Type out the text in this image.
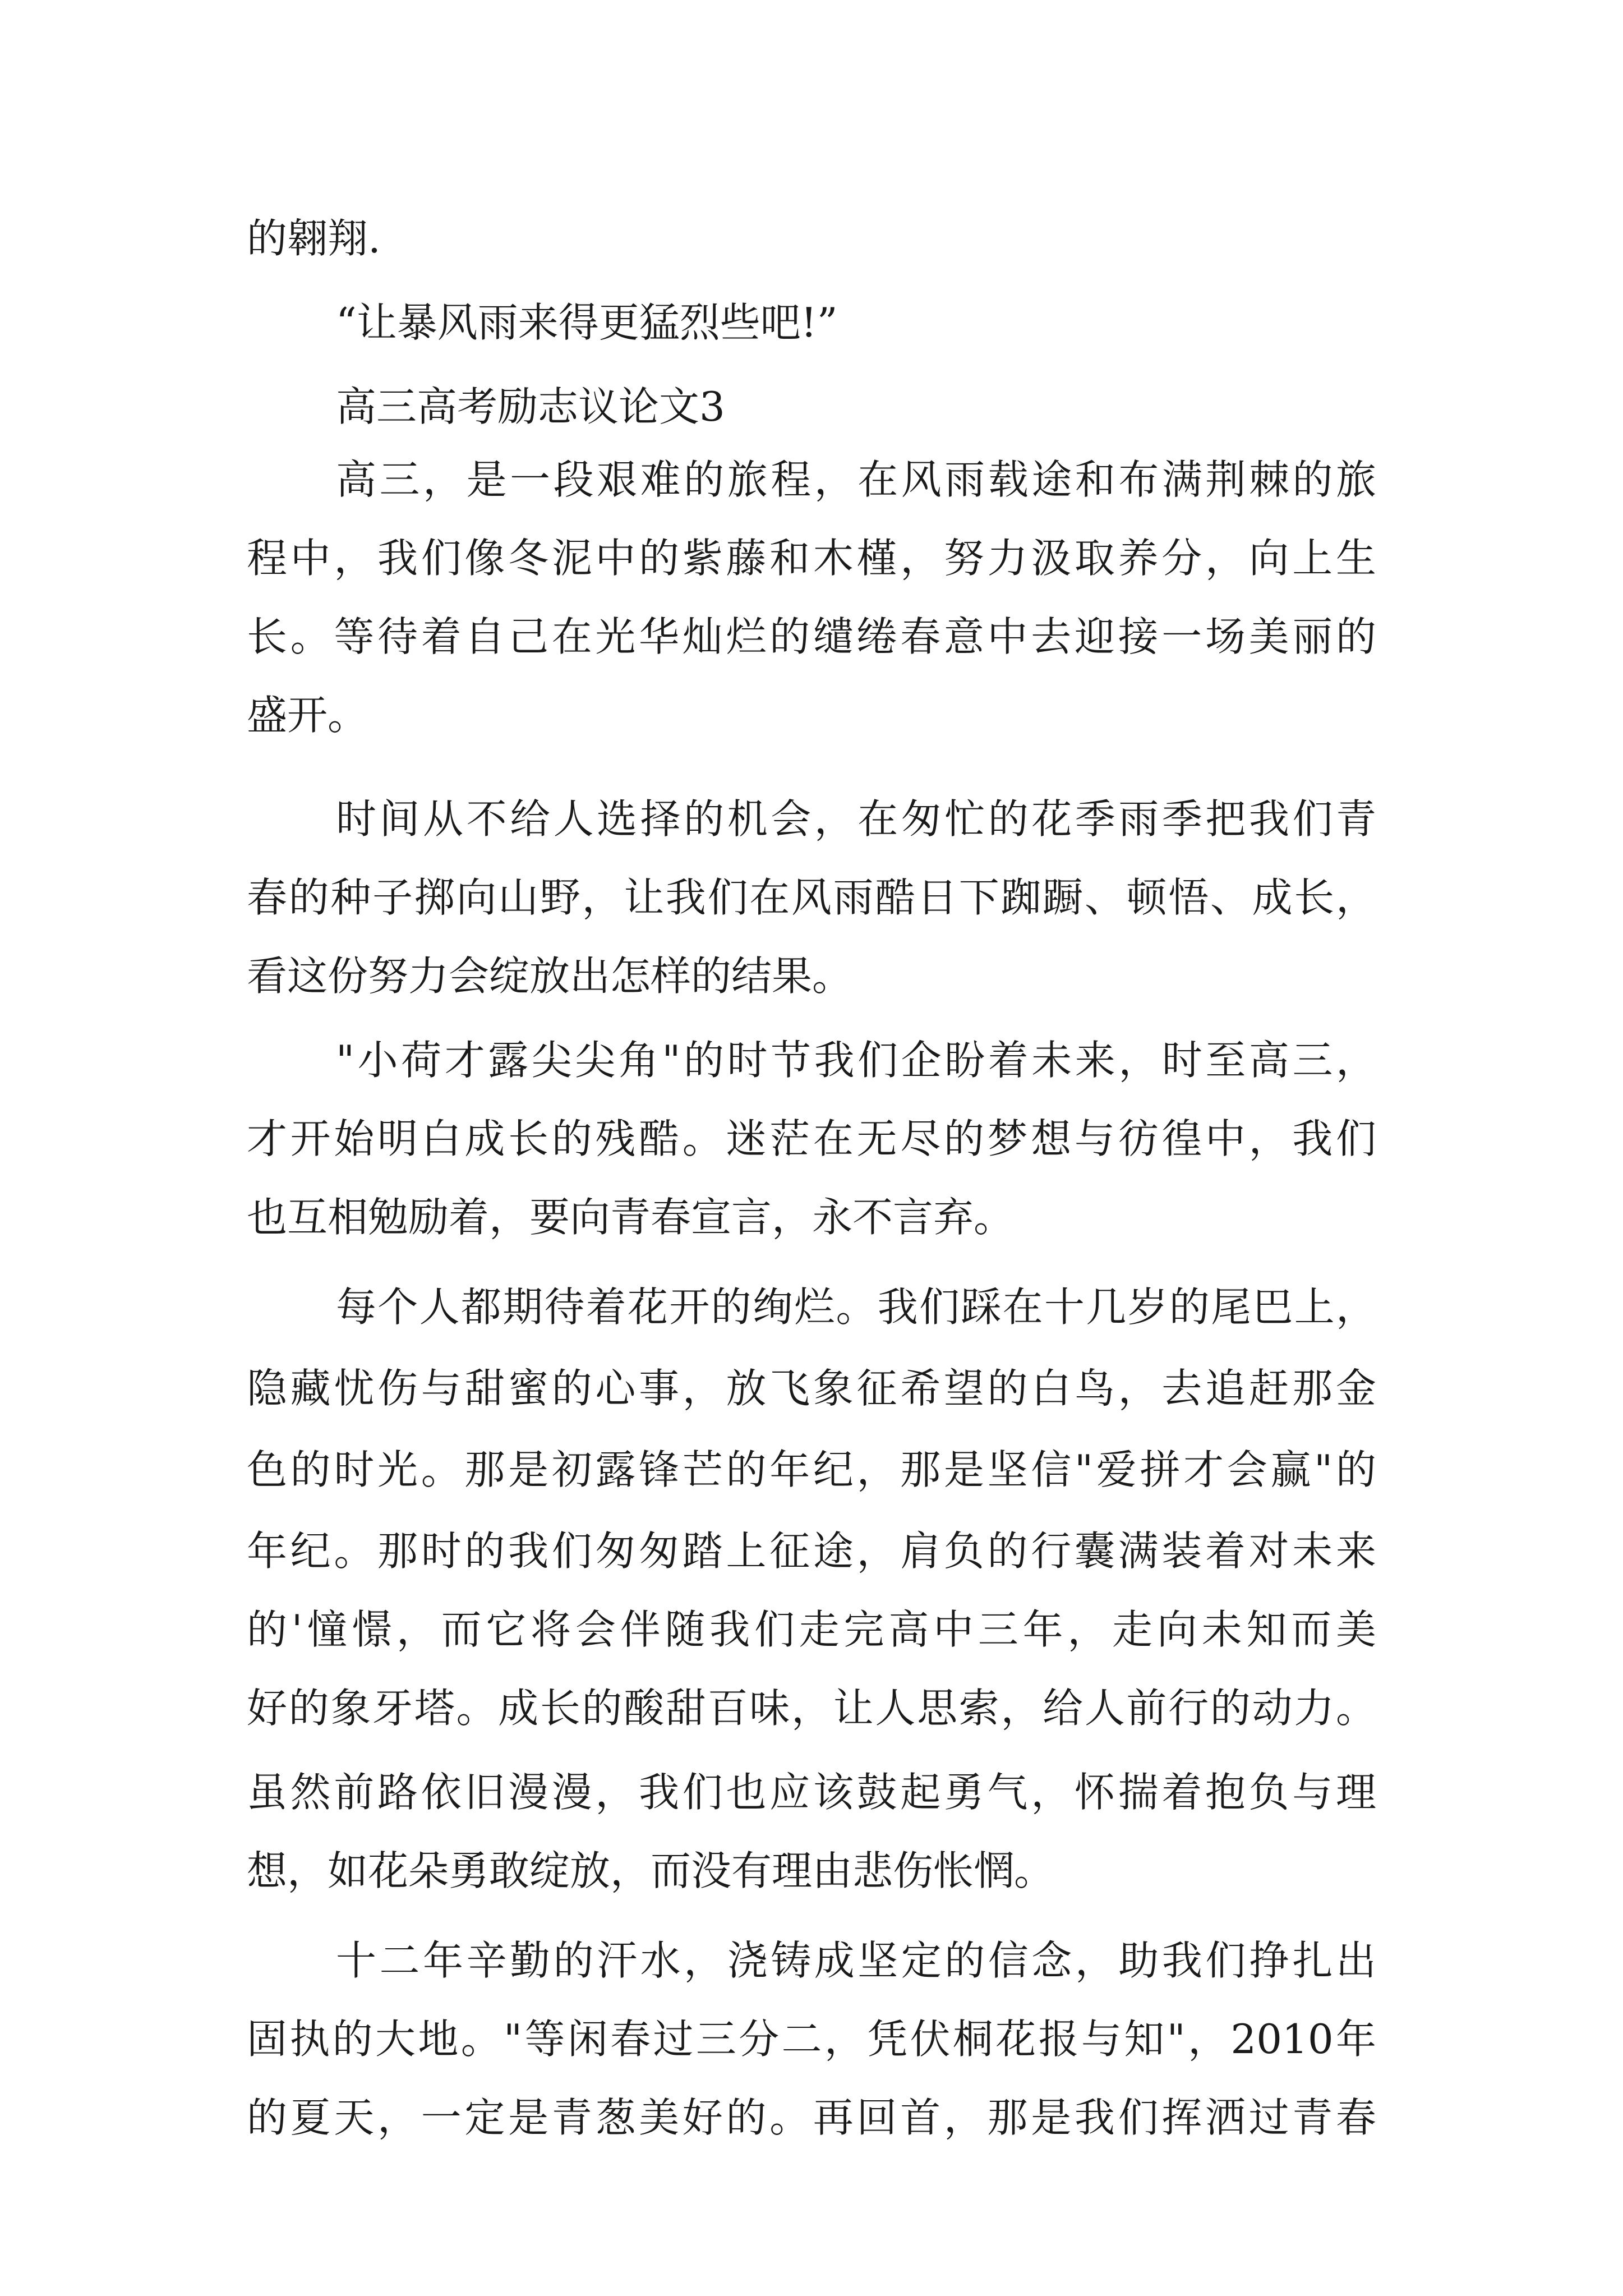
的翱翔.

“让暴风雨来得更猛烈些吧!”

高三高考励志议论文3

高三，是一段艰难的旅程，在风雨载途和布满荆棘的旅

程中，我们像冬泥中的紫藤和木槿，努力汲取养分，向上生

长。等待着自己在光华灿烂的缱绻春意中去迎接一场美丽的

盛开。

时间从不给人选择的机会，在匆忙的花季雨季把我们青

春的种子掷向山野，让我们在风雨酷日下踟蹰、顿悟、成长，

看这份努力会绽放出怎样的结果。

"小荷才露尖尖角"的时节我们企盼着未来，时至高三，

才开始明白成长的残酷。迷茫在无尽的梦想与彷徨中，我们

也互相勉励着，要向青春宣言，永不言弃。

每个人都期待着花开的绚烂。我们踩在十几岁的尾巴上，

隐藏忧伤与甜蜜的心事，放飞象征希望的白鸟，去追赶那金

色的时光。那是初露锋芒的年纪，那是坚信"爱拼才会赢"的

年纪。那时的我们匆匆踏上征途，肩负的行囊满装着对未来

的'憧憬，而它将会伴随我们走完高中三年，走向未知而美

好的象牙塔。成长的酸甜百味，让人思索，给人前行的动力。

虽然前路依旧漫漫，我们也应该鼓起勇气，怀揣着抱负与理

想，如花朵勇敢绽放，而没有理由悲伤怅惘。

十二年辛勤的汗水，浇铸成坚定的信念，助我们挣扎出

固执的大地。"等闲春过三分二，凭伏桐花报与知"，2010年

的夏天，一定是青葱美好的。再回首，那是我们挥洒过青春
